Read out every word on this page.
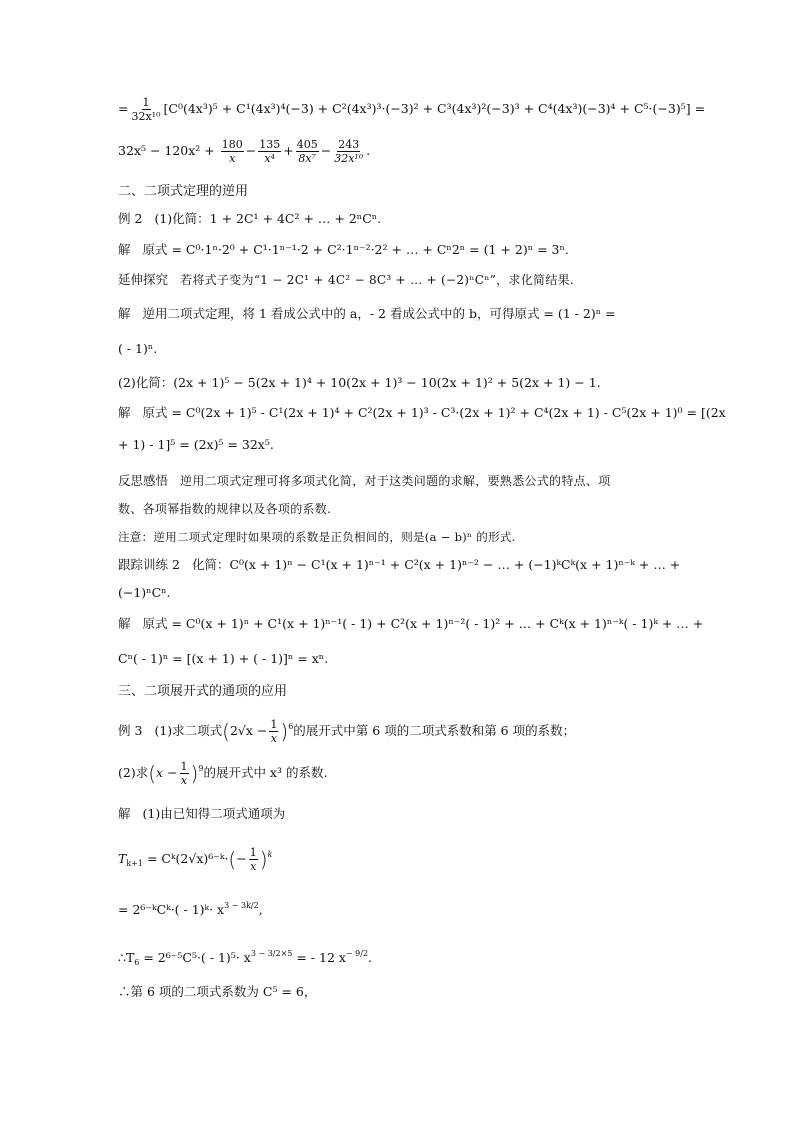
= $\frac{1}{\text{32x¹⁰}} [C^0(4x^3)^5 + C^1(4x^3)^4(-3) + C^2(4x^3)^3\cdot(-3)^2 + C^3(4x^3)^2(-3)^3 + C^4(4x^3)(-3)^4 + C^5\cdot(-3)^5]$ =
$32x^5 - 120x^2 + \frac{180}{x} - \frac{135}{\text{x⁴}} + \frac{405}{\text{8x⁷}} - \frac{243}{\text{32x¹⁰}}$ .
二、二项式定理的逆用
例 2 (1)化简：1 + 2C¹ + 4C² + … + 2ⁿCⁿ.
解 原式 = C⁰·1ⁿ·2⁰ + C¹·1ⁿ⁻¹·2 + C²·1ⁿ⁻²·2² + … + Cⁿ2ⁿ = (1 + 2)ⁿ = 3ⁿ.
延伸探究 若将式子变为“1 − 2C¹ + 4C² − 8C³ + … + (−2)ⁿCⁿ”，求化简结果.
解 逆用二项式定理，将 1 看成公式中的 a，- 2 看成公式中的 b，可得原式 = (1 - 2)ⁿ =
( - 1)ⁿ.
(2)化简：(2x + 1)⁵ − 5(2x + 1)⁴ + 10(2x + 1)³ − 10(2x + 1)² + 5(2x + 1) − 1.
解 原式 = C⁰(2x + 1)⁵ - C¹(2x + 1)⁴ + C²(2x + 1)³ - C³·(2x + 1)² + C⁴(2x + 1) - C⁵(2x + 1)⁰ = [(2x
+ 1) - 1]⁵ = (2x)⁵ = 32x⁵.
反思感悟 逆用二项式定理可将多项式化简，对于这类问题的求解，要熟悉公式的特点、项
数、各项幂指数的规律以及各项的系数.
注意：逆用二项式定理时如果项的系数是正负相间的，则是(a − b)ⁿ 的形式.
跟踪训练 2 化简：C⁰(x + 1)ⁿ − C¹(x + 1)ⁿ⁻¹ + C²(x + 1)ⁿ⁻² − … + (−1)ᵏCᵏ(x + 1)ⁿ⁻ᵏ + … +
(−1)ⁿCⁿ.
解 原式 = C⁰(x + 1)ⁿ + C¹(x + 1)ⁿ⁻¹( - 1) + C²(x + 1)ⁿ⁻²( - 1)² + … + Cᵏ(x + 1)ⁿ⁻ᵏ( - 1)ᵏ + … +
Cⁿ( - 1)ⁿ = [(x + 1) + ( - 1)]ⁿ = xⁿ.
三、二项展开式的通项的应用
例 3 (1)求二项式$(2√x - \frac{1}{x} )^6$的展开式中第 6 项的二项式系数和第 6 项的系数；
(2)求$(x - \frac{1}{x} )^9$的展开式中 x³ 的系数.
解 (1)由已知得二项式通项为
$T_{k+1}$ = Cᵏ(2√x)⁶⁻ᵏ·(− $\frac{1}{x} )^k$
= 2⁶⁻ᵏCᵏ·( - 1)ᵏ· $x^{3 - 3k/2}$,
$\therefore T_6 = 2^{6-5}C^5\cdot( - 1)^5\cdot x^{3 - 3/2\times 5}$ = - 12 $x^{- 9/2}$.
∴第 6 项的二项式系数为 C⁵ = 6，
